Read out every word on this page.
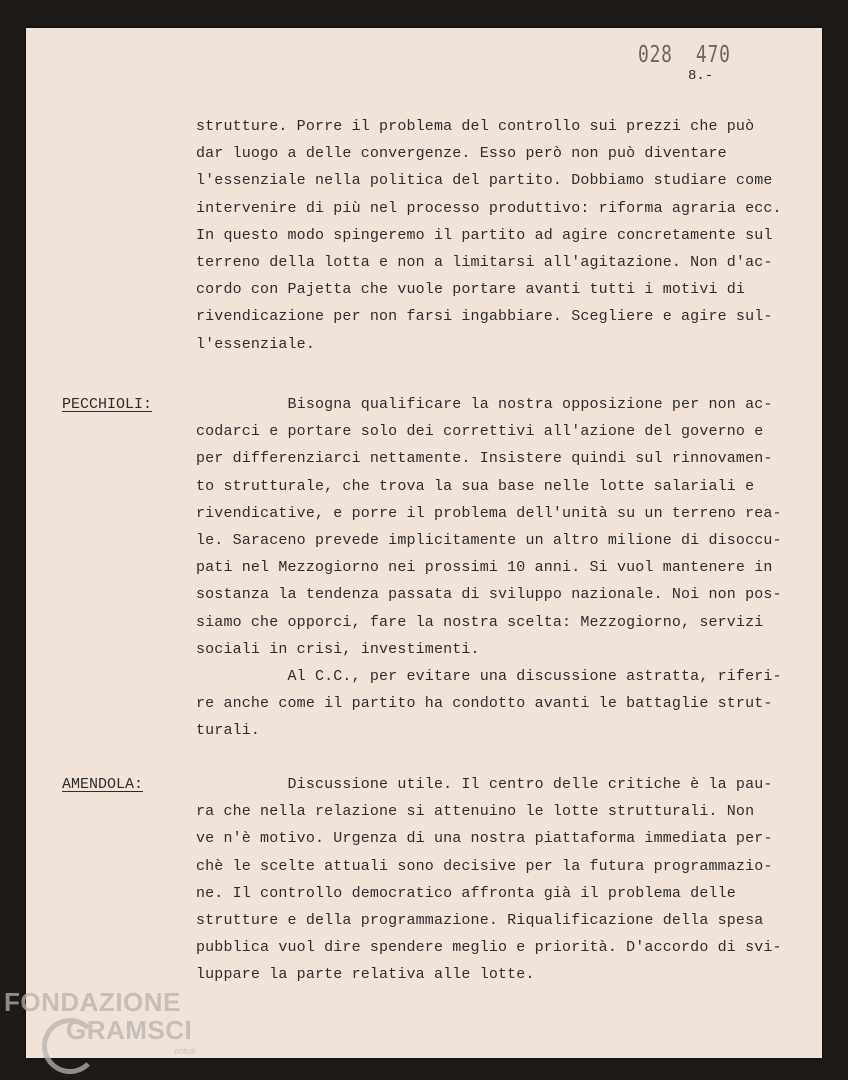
028  470
8.-
strutture. Porre il problema del controllo sui prezzi che può
dar luogo a delle convergenze. Esso però non può diventare
l'essenziale nella politica del partito. Dobbiamo studiare come
intervenire di più nel processo produttivo: riforma agraria ecc.
In questo modo spingeremo il partito ad agire concretamente sul
terreno della lotta e non a limitarsi all'agitazione. Non d'ac-
cordo con Pajetta che vuole portare avanti tutti i motivi di
rivendicazione per non farsi ingabbiare. Scegliere e agire sul-
l'essenziale.
PECCHIOLI:	Bisogna qualificare la nostra opposizione per non ac-
codarci e portare solo dei correttivi all'azione del governo e
per differenziarci nettamente. Insistere quindi sul rinnovamen-
to strutturale, che trova la sua base nelle lotte salariali e
rivendicative, e porre il problema dell'unità su un terreno rea-
le. Saraceno prevede implicitamente un altro milione di disoccu-
pati nel Mezzogiorno nei prossimi 10 anni. Si vuol mantenere in
sostanza la tendenza passata di sviluppo nazionale. Noi non pos-
siamo che opporci, fare la nostra scelta: Mezzogiorno, servizi
sociali in crisi, investimenti.
Al C.C., per evitare una discussione astratta, riferi-
re anche come il partito ha condotto avanti le battaglie strut-
turali.
AMENDOLA:	Discussione utile. Il centro delle critiche è la pau-
ra che nella relazione si attenuino le lotte strutturali. Non
ve n'è motivo. Urgenza di una nostra piattaforma immediata per-
chè le scelte attuali sono decisive per la futura programmazio-
ne. Il controllo democratico affronta già il problema delle
strutture e della programmazione. Riqualificazione della spesa
pubblica vuol dire spendere meglio e priorità. D'accordo di svi-
luppare la parte relativa alle lotte.
FONDAZIONE
GRAMSCI
onlus
